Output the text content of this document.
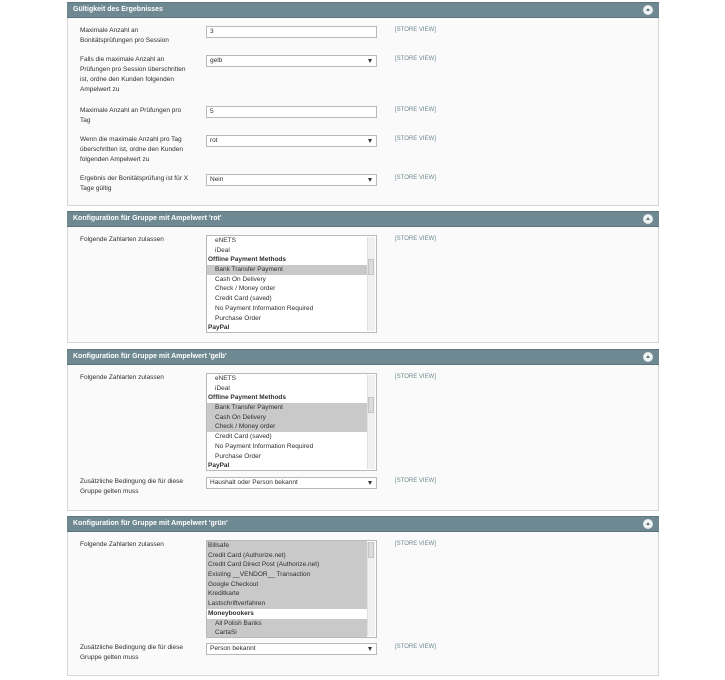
Gültigkeit des Ergebnisses
Maximale Anzahl an Bonitätsprüfungen pro Session
3	[STORE VIEW]
Falls die maximale Anzahl an Prüfungen pro Session überschritten ist, ordne den Kunden folgenden Ampelwert zu
gelb	[STORE VIEW]
Maximale Anzahl an Prüfungen pro Tag
5	[STORE VIEW]
Wenn die maximale Anzahl pro Tag überschritten ist, ordne den Kunden folgenden Ampelwert zu
rot	[STORE VIEW]
Ergebnis der Bonitätsprüfung ist für X Tage gültig
Nein	[STORE VIEW]
Konfiguration für Gruppe mit Ampelwert 'rot'
Folgende Zahlarten zulassen	eNETS
iDeal
Offline Payment Methods
Bank Transfer Payment
Cash On Delivery
Check / Money order
Credit Card (saved)
No Payment Information Required
Purchase Order
PayPal
[STORE VIEW]
Konfiguration für Gruppe mit Ampelwert 'gelb'
Folgende Zahlarten zulassen	eNETS
iDeal
Offline Payment Methods
Bank Transfer Payment
Cash On Delivery
Check / Money order
Credit Card (saved)
No Payment Information Required
Purchase Order
PayPal
[STORE VIEW]
Zusätzliche Bedingung die für diese Gruppe gelten muss
Haushalt oder Person bekannt	[STORE VIEW]
Konfiguration für Gruppe mit Ampelwert 'grün'
Folgende Zahlarten zulassen	Billsafe
Credit Card (Authorize.net)
Credit Card Direct Post (Authorize.net)
Existing __VENDOR__ Transaction
Google Checkout
Kreditkarte
Lastschriftverfahren
Moneybookers
All Polish Banks
CartaSi
[STORE VIEW]
Zusätzliche Bedingung die für diese Gruppe gelten muss
Person bekannt	[STORE VIEW]
